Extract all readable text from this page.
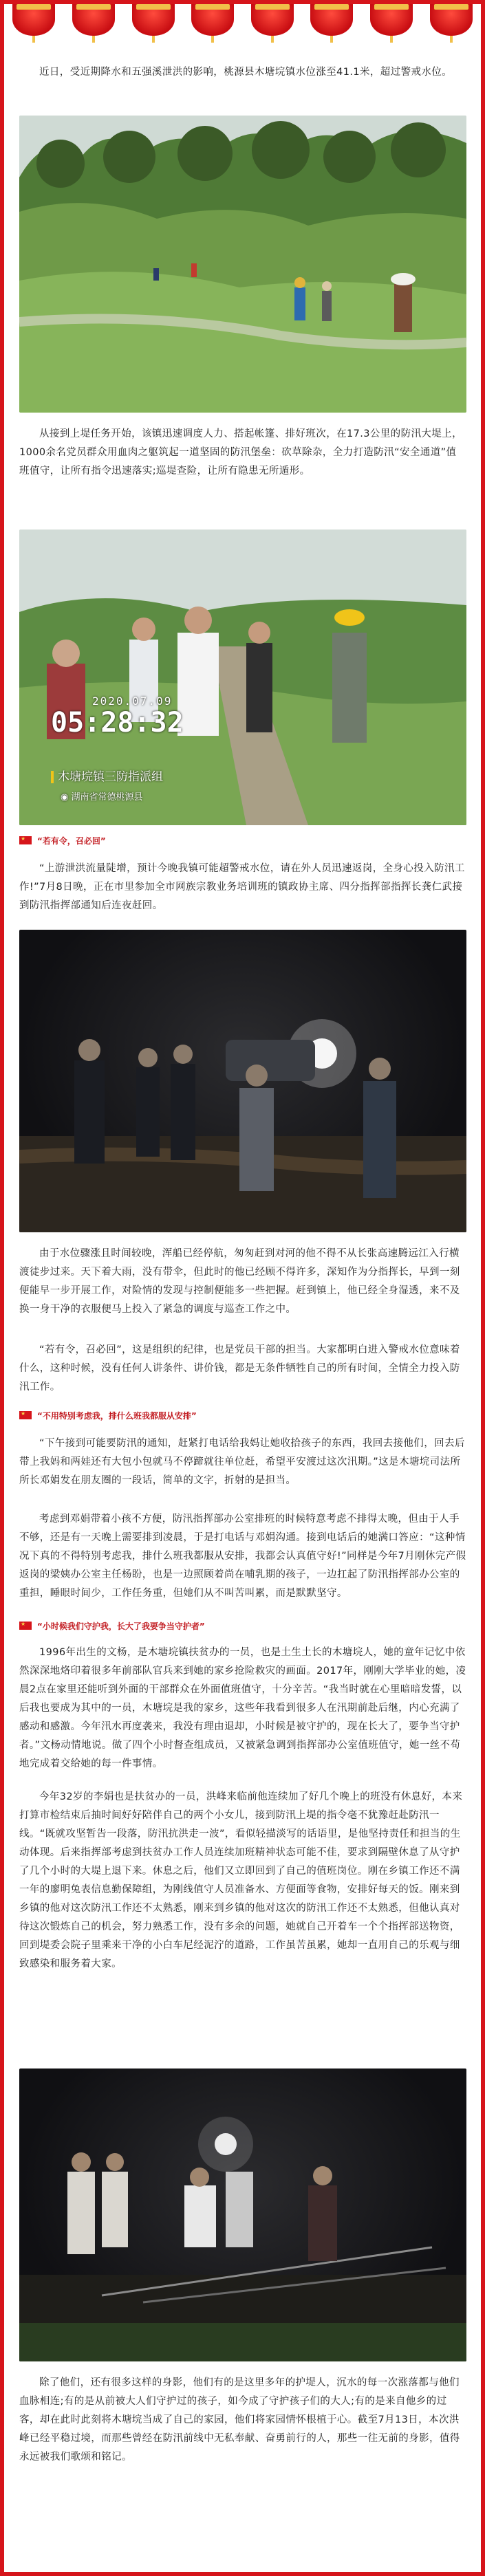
近日，受近期降水和五强溪泄洪的影响，桃源县木塘垸镇水位涨至41.1米，超过警戒水位。

从接到上堤任务开始，该镇迅速调度人力、搭起帐篷、排好班次，在17.3公里的防汛大堤上，1000余名党员群众用血肉之躯筑起一道坚固的防汛堡垒：砍草除杂，全力打造防汛“安全通道”值班值守，让所有指令迅速落实;巡堤查险，让所有隐患无所遁形。

2020.07.09
05:28:32
木塘垸镇三防指派组
◉ 湖南省常德桃源县
★
“若有令，召必回”

“上游泄洪流量陡增，预计今晚我镇可能超警戒水位，请在外人员迅速返岗，全身心投入防汛工作!”7月8日晚，正在市里参加全市网族宗教业务培训班的镇政协主席、四分指挥部指挥长龚仁武接到防汛指挥部通知后连夜赶回。

由于水位骤涨且时间较晚，浑船已经停航，匆匆赶到对河的他不得不从长张高速腾远江入行横渡徒步过来。天下着大雨，没有带伞，但此时的他已经顾不得许多，深知作为分指挥长，早到一刻便能早一步开展工作，对险情的发现与控制便能多一些把握。赶到镇上，他已经全身湿透，来不及换一身干净的衣服便马上投入了紧急的调度与巡查工作之中。

“若有令，召必回”，这是组织的纪律，也是党员干部的担当。大家都明白进入警戒水位意味着什么，这种时候，没有任何人讲条件、讲价钱，都是无条件牺牲自己的所有时间，全情全力投入防汛工作。

★
“不用特别考虑我，排什么班我都服从安排”

“下午接到可能要防汛的通知，赶紧打电话给我妈让她收拾孩子的东西，我回去接他们，回去后带上我妈和两娃还有大包小包就马不停蹄就往单位赶，希望平安渡过这次汛期。”这是木塘垸司法所所长邓娟发在朋友圈的一段话，简单的文字，折射的是担当。

考虑到邓娟带着小孩不方便，防汛指挥部办公室排班的时候特意考虑不排得太晚，但由于人手不够，还是有一天晚上需要排到凌晨，于是打电话与邓娟沟通。接到电话后的她满口答应：“这种情况下真的不得特别考虑我，排什么班我都服从安排，我都会认真值守好!”同样是今年7月刚休完产假返岗的梁姨办公室主任杨盼，也是一边照顾着尚在哺乳期的孩子，一边扛起了防汛指挥部办公室的重担，睡眼时间少，工作任务重，但她们从不叫苦叫累，而是默默坚守。

★
“小时候我们守护我，长大了我要争当守护者”

1996年出生的文杨，是木塘垸镇扶贫办的一员，也是土生土长的木塘垸人，她的童年记忆中依然深深地烙印着很多年前部队官兵来到她的家乡抢险救灾的画面。2017年，刚刚大学毕业的她，凌晨2点在家里还能听到外面的干部群众在外面值班值守，十分辛苦。“我当时就在心里暗暗发誓，以后我也要成为其中的一员，木塘垸是我的家乡，这些年我看到很多人在汛期前赴后继，内心充满了感动和感激。今年汛水再度袭来，我没有理由退却，小时候是被守护的，现在长大了，要争当守护者。”文杨动情地说。做了四个小时督查组成员，又被紧急调到指挥部办公室值班值守，她一丝不苟地完成着交给她的每一件事情。

今年32岁的李娟也是扶贫办的一员，洪峰来临前他连续加了好几个晚上的班没有休息好，本来打算市检结束后抽时间好好陪伴自己的两个小女儿，接到防汛上堤的指令毫不犹豫赶赴防汛一线。“既就攻坚暂告一段落，防汛抗洪走一波”，看似轻描淡写的话语里，是他坚持责任和担当的生动体现。后来指挥部考虑到扶贫办工作人员连续加班精神状态可能不佳，要求到隔壁休息了从守护了几个小时的大堤上退下来。休息之后，他们又立即回到了自己的值班岗位。刚在乡镇工作还不满一年的廖明兔表信息勤保障组，为刚线值守人员准备水、方便面等食物，安排好每天的饭。刚来到乡镇的他对这次防汛工作还不太熟悉，刚来到乡镇的他对这次的防汛工作还不太熟悉，但他认真对待这次锻炼自己的机会，努力熟悉工作，没有多余的问题，她就自己开着车一个个指挥部送物资，回到堤委会院子里乘来干净的小白车尼经泥泞的道路，工作虽苦虽累，她却一直用自己的乐观与细致感染和服务着大家。

除了他们，还有很多这样的身影，他们有的是这里多年的护堤人，沉水的每一次涨落都与他们血脉相连;有的是从前被大人们守护过的孩子，如今成了守护孩子们的大人;有的是来自他乡的过客，却在此时此刻将木塘垸当成了自己的家园，他们将家园情怀根植于心。截至7月13日，本次洪峰已经平稳过境，而那些曾经在防汛前线中无私奉献、奋勇前行的人，那些一往无前的身影，值得永远被我们歌颂和铭记。
